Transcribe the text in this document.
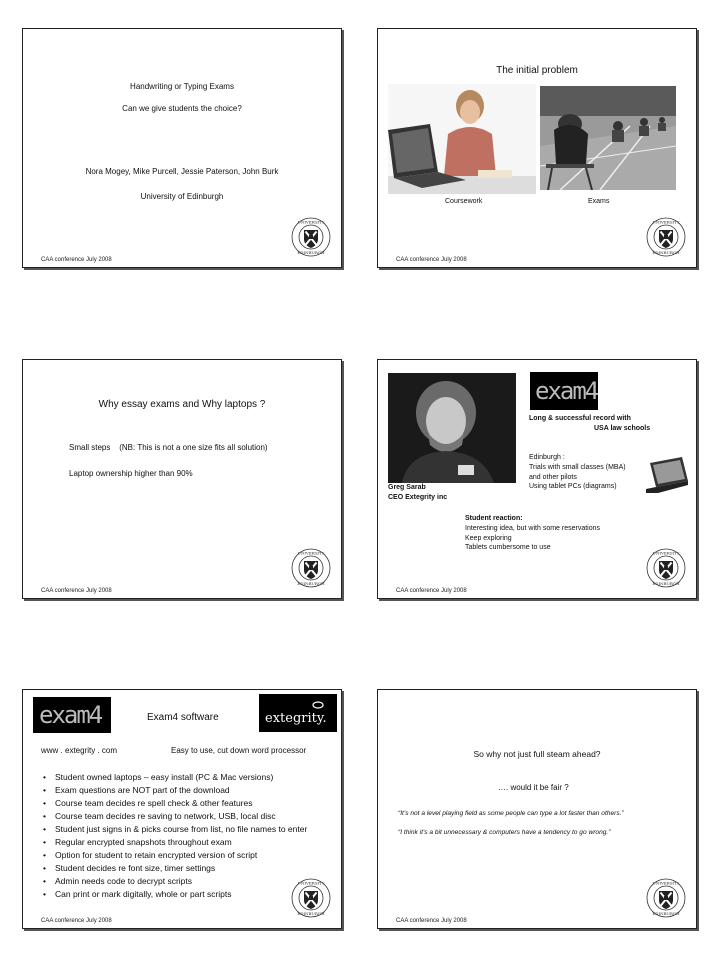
Handwriting or Typing Exams
Can we give students the choice?
Nora Mogey, Mike Purcell, Jessie Paterson, John Burk
University of Edinburgh
CAA conference July 2008
The initial problem
Coursework	Exams
CAA conference July 2008
Why essay exams and Why laptops ?
Small steps    (NB: This is not a one size fits all solution)
Laptop ownership higher than 90%
CAA conference July 2008
exam4
Long & successful record with
USA law schools
Edinburgh :
Trials with small classes (MBA)
and other pilots
Using tablet PCs (diagrams)
Greg Sarab
CEO Extegrity inc
Student reaction:
Interesting idea, but with some reservations
Keep exploring
Tablets cumbersome to use
CAA conference July 2008
exam4	Exam4 software	extegrity.
www . extegrity . com	Easy to use, cut down word processor
• Student owned laptops – easy install (PC & Mac versions)
• Exam questions are NOT part of the download
• Course team decides re spell check & other features
• Course team decides re saving to network, USB, local disc
• Student just signs in & picks course from list, no file names to enter
• Regular encrypted snapshots throughout exam
• Option for student to retain encrypted version of script
• Student decides re font size, timer settings
• Admin needs code to decrypt scripts
• Can print or mark digitally, whole or part scripts
CAA conference July 2008
So why not just full steam ahead?
…. would it be fair ?
“It’s not a level playing field as some people can type a lot faster than others.”
“I think it’s a bit unnecessary & computers have a tendency to go wrong.”
CAA conference July 2008
